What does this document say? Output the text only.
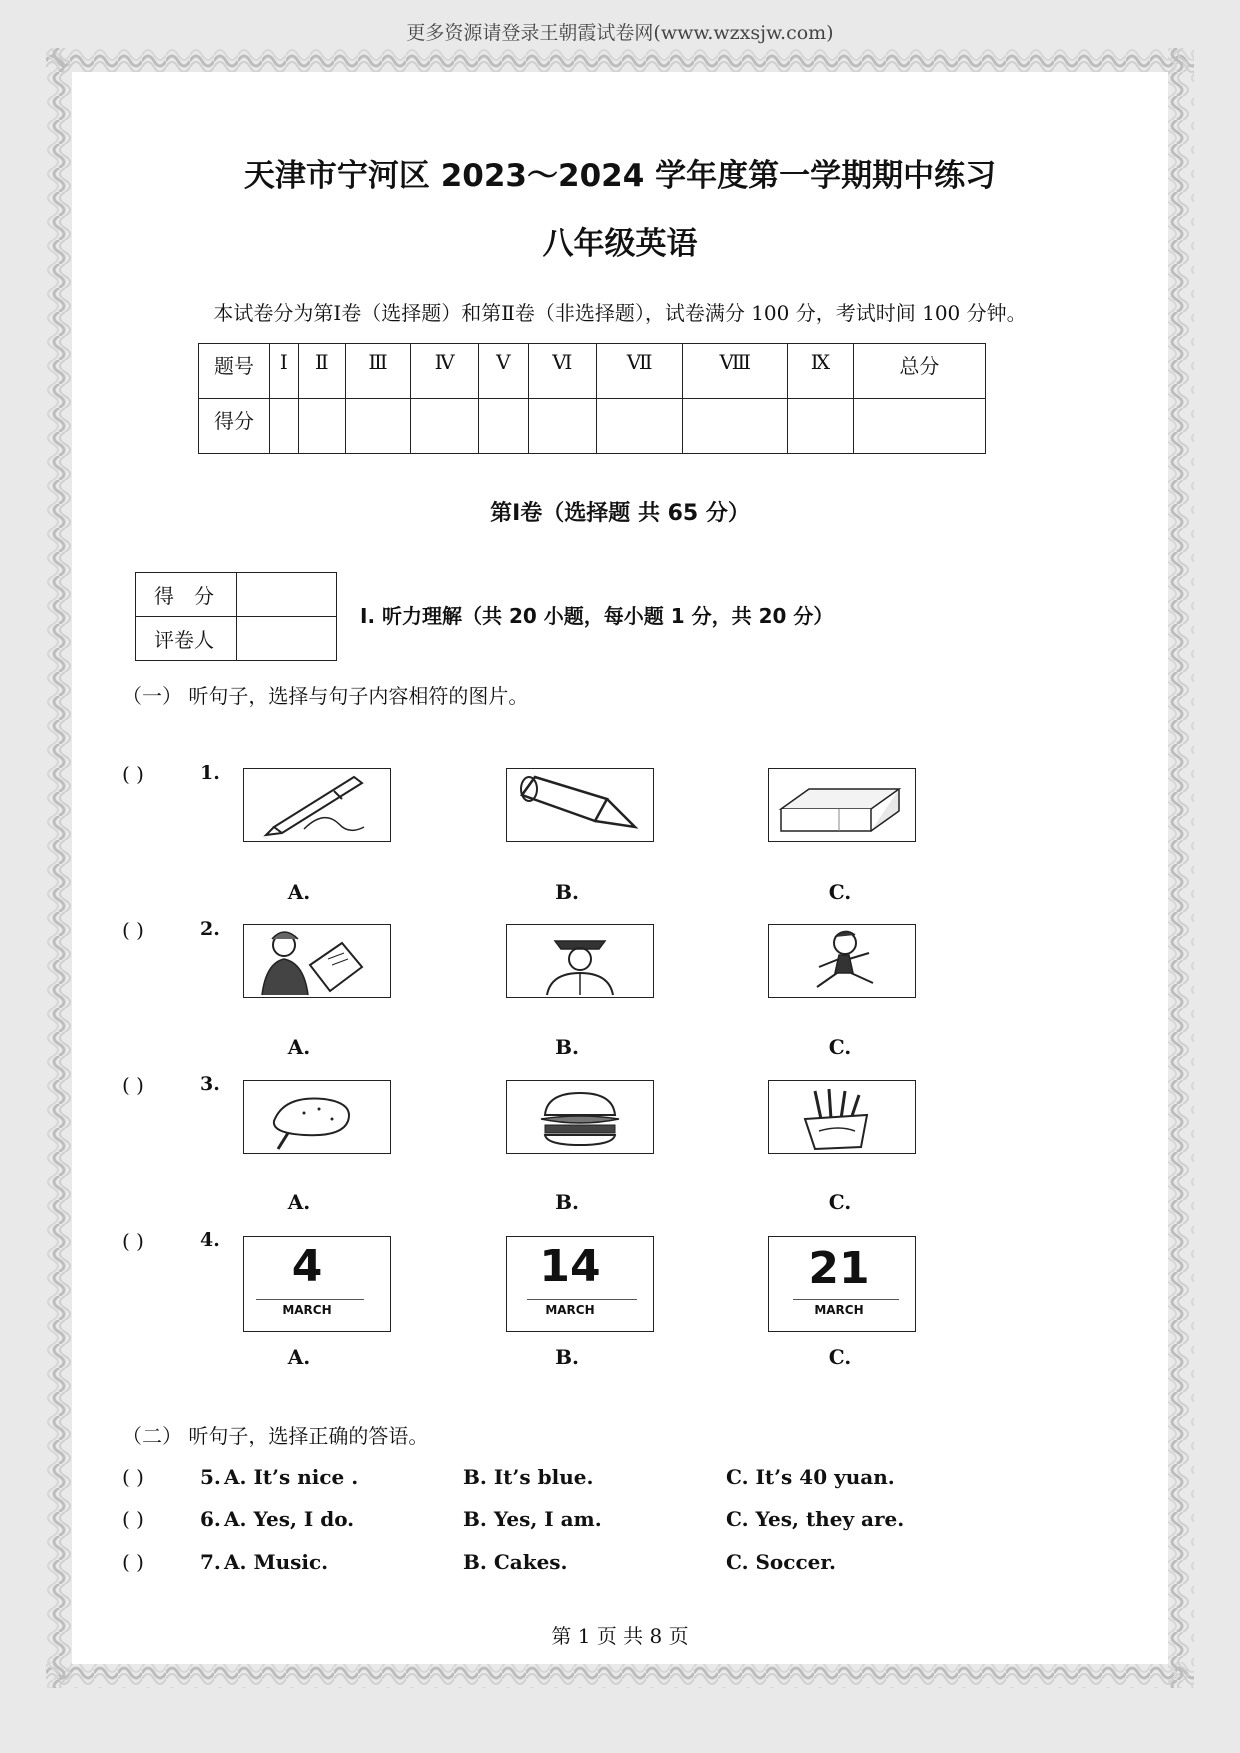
更多资源请登录王朝霞试卷网(www.wzxsjw.com)
天津市宁河区 2023～2024 学年度第一学期期中练习
八年级英语
本试卷分为第Ⅰ卷（选择题）和第Ⅱ卷（非选择题），试卷满分 100 分，考试时间 100 分钟。
题号	Ⅰ	Ⅱ	Ⅲ	Ⅳ	Ⅴ	Ⅵ	Ⅶ	Ⅷ	Ⅸ	总分
得分										
第Ⅰ卷（选择题 共 65 分）
得　分	
评卷人	
Ⅰ. 听力理解（共 20 小题，每小题 1 分，共 20 分）
（一） 听句子，选择与句子内容相符的图片。
( )	1.
A.	B.	C.
( )	2.
A.	B.	C.
( )	3.
A.	B.	C.
( )	4.
4
MARCH
14
MARCH
21
MARCH
A.	B.	C.
（二） 听句子，选择正确的答语。
( )	5. A. It’s nice .	B. It’s blue.	C. It’s 40 yuan.
( )	6. A. Yes, I do.	B. Yes, I am.	C. Yes, they are.
( )	7. A. Music.	B. Cakes.	C. Soccer.
第 1 页 共 8 页
